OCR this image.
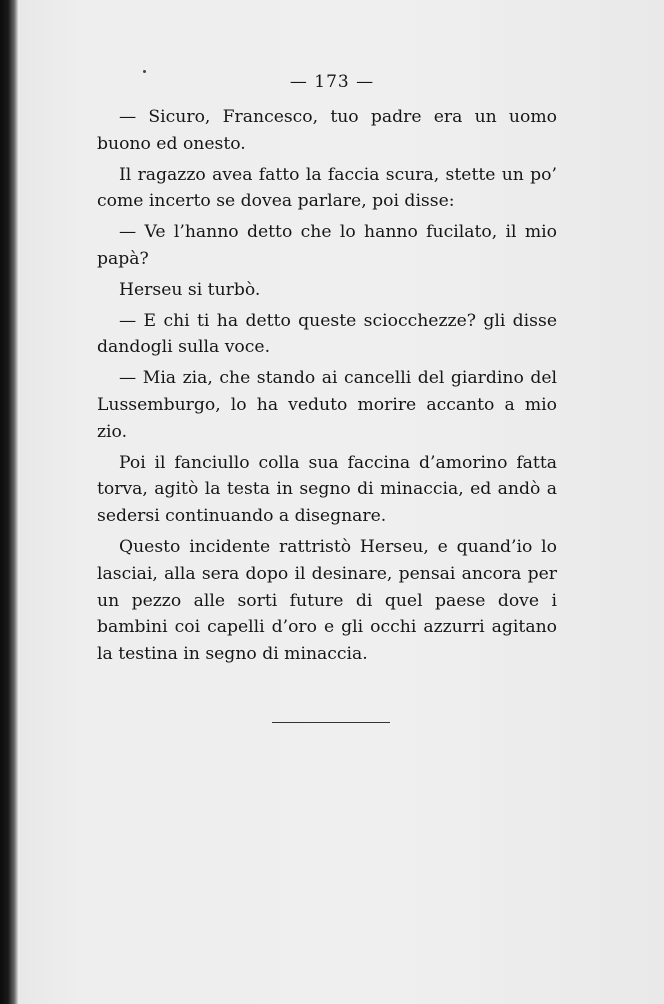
— 173 —

— Sicuro, Francesco, tuo padre era un uomo buono ed onesto.

Il ragazzo avea fatto la faccia scura, stette un po’ come incerto se dovea parlare, poi disse:

— Ve l’hanno detto che lo hanno fucilato, il mio papà?

Herseu si turbò.

— E chi ti ha detto queste sciocchezze? gli disse dandogli sulla voce.

— Mia zia, che stando ai cancelli del giardino del Lussemburgo, lo ha veduto morire accanto a mio zio.

Poi il fanciullo colla sua faccina d’amorino fatta torva, agitò la testa in segno di minaccia, ed andò a sedersi continuando a disegnare.

Questo incidente rattristò Herseu, e quand’io lo lasciai, alla sera dopo il desinare, pensai ancora per un pezzo alle sorti future di quel paese dove i bambini coi capelli d’oro e gli occhi azzurri agitano la testina in segno di minaccia.
